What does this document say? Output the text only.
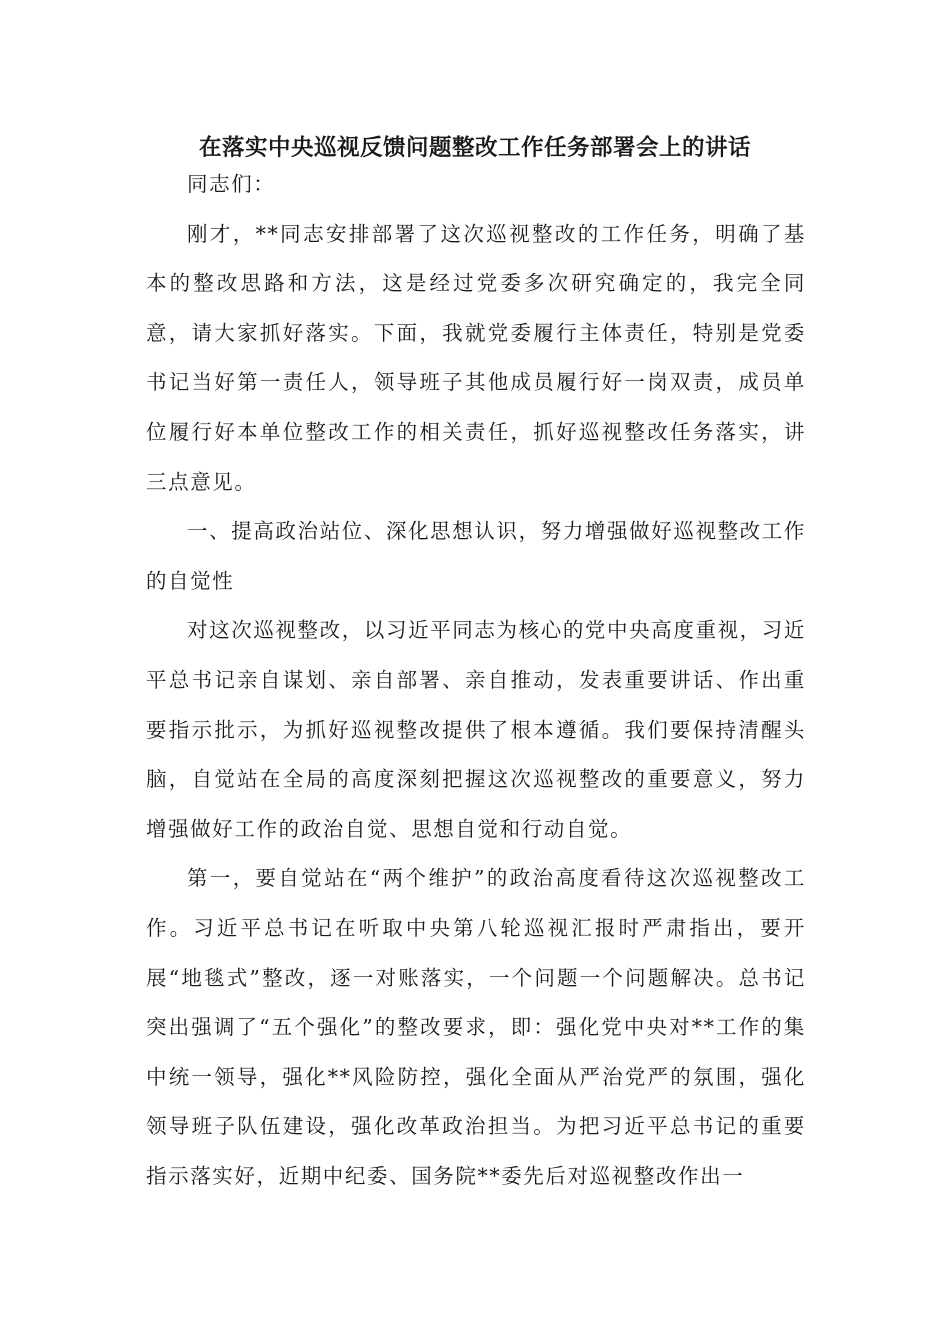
在落实中央巡视反馈问题整改工作任务部署会上的讲话

同志们：

刚才，**同志安排部署了这次巡视整改的工作任务，明确了基本的整改思路和方法，这是经过党委多次研究确定的，我完全同意，请大家抓好落实。下面，我就党委履行主体责任，特别是党委书记当好第一责任人，领导班子其他成员履行好一岗双责，成员单位履行好本单位整改工作的相关责任，抓好巡视整改任务落实，讲三点意见。

一、提高政治站位、深化思想认识，努力增强做好巡视整改工作的自觉性

对这次巡视整改，以习近平同志为核心的党中央高度重视，习近平总书记亲自谋划、亲自部署、亲自推动，发表重要讲话、作出重要指示批示，为抓好巡视整改提供了根本遵循。我们要保持清醒头脑，自觉站在全局的高度深刻把握这次巡视整改的重要意义，努力增强做好工作的政治自觉、思想自觉和行动自觉。

第一，要自觉站在“两个维护”的政治高度看待这次巡视整改工作。习近平总书记在听取中央第八轮巡视汇报时严肃指出，要开展“地毯式”整改，逐一对账落实，一个问题一个问题解决。总书记突出强调了“五个强化”的整改要求，即：强化党中央对**工作的集中统一领导，强化**风险防控，强化全面从严治党严的氛围，强化领导班子队伍建设，强化改革政治担当。为把习近平总书记的重要指示落实好，近期中纪委、国务院**委先后对巡视整改作出一
